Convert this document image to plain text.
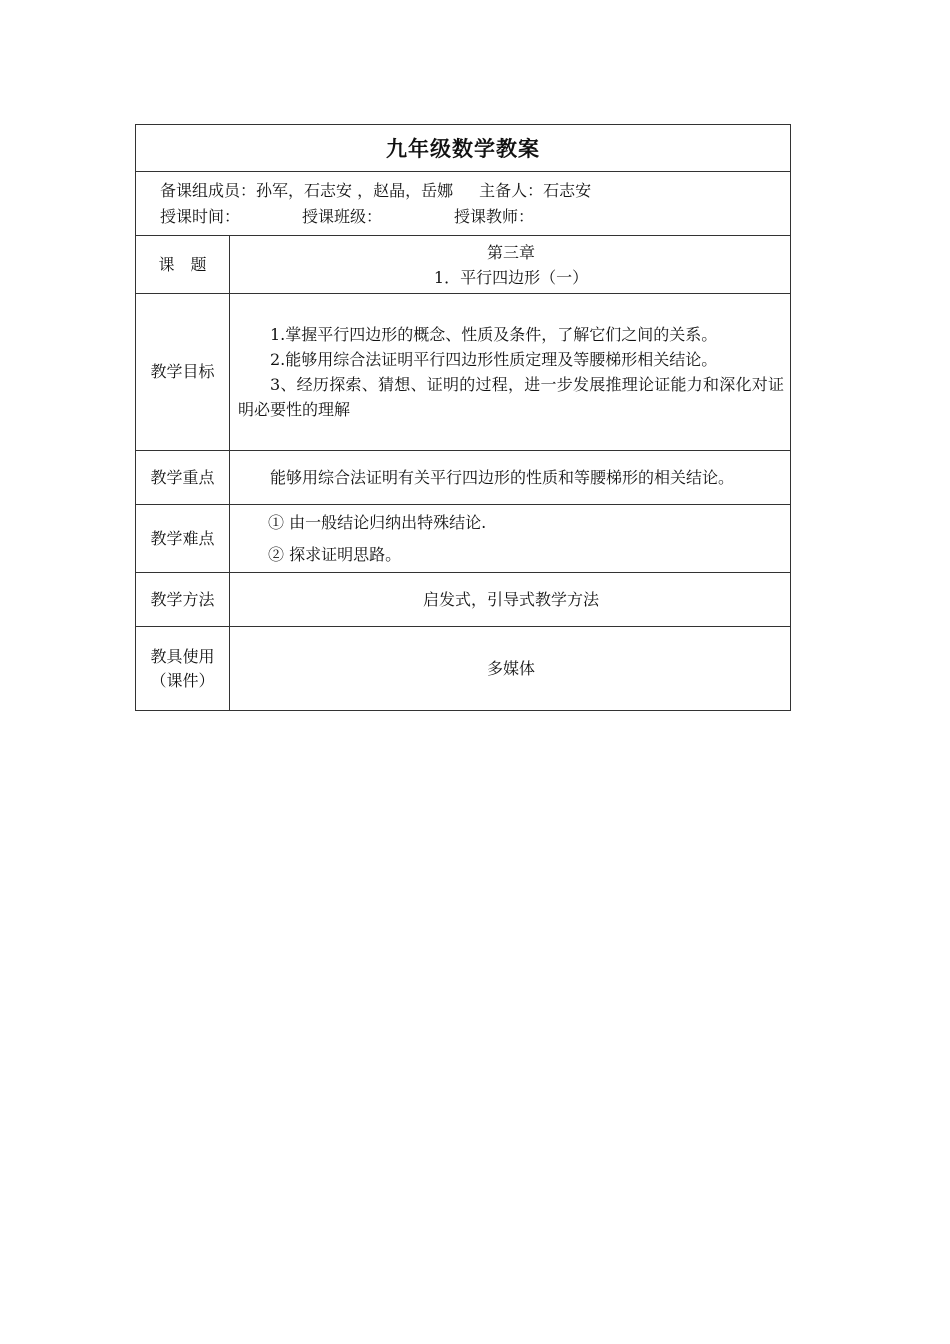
九年级数学教案	

备课组成员：孙军，石志安 ，赵晶，岳娜 主备人：石志安
授课时间： 授课班级： 授课教师：	

课　题	第三章
1．平行四边形（一）

教学目标	1.掌握平行四边形的概念、性质及条件，了解它们之间的关系。
2.能够用综合法证明平行四边形性质定理及等腰梯形相关结论。
3、经历探索、猜想、证明的过程，进一步发展推理论证能力和深化对证明必要性的理解

教学重点	能够用综合法证明有关平行四边形的性质和等腰梯形的相关结论。

教学难点	① 由一般结论归纳出特殊结论.
② 探求证明思路。

教学方法	启发式，引导式教学方法

教具使用
（课件）	多媒体
